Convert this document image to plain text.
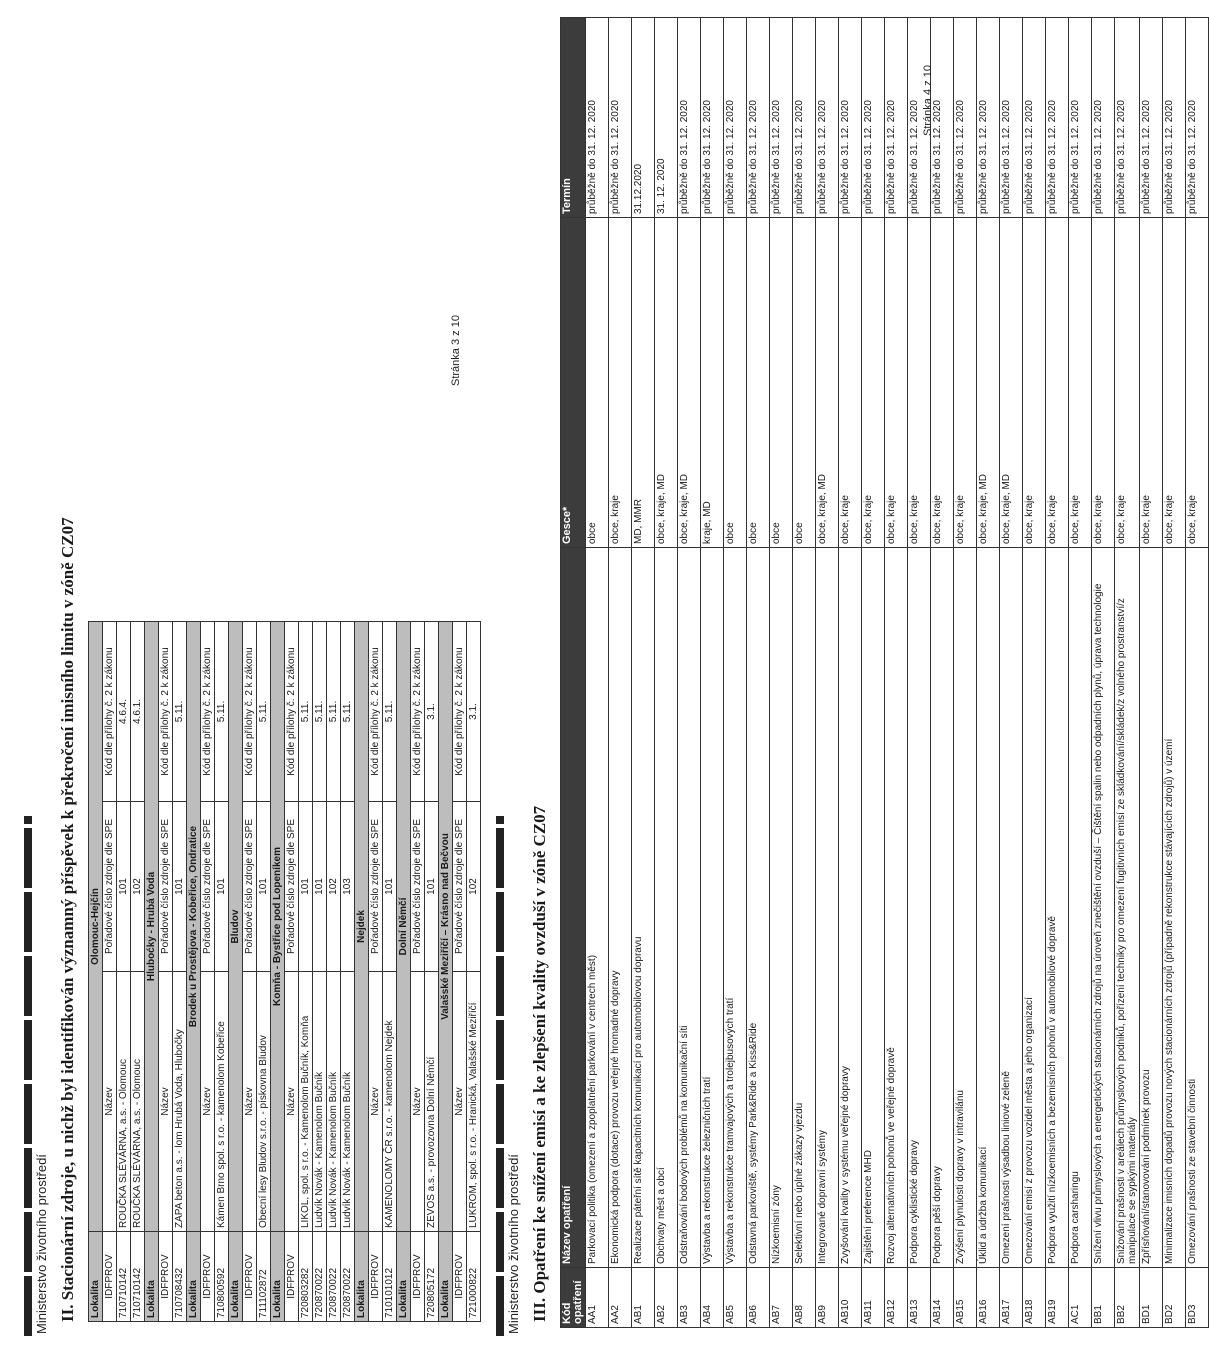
Ministerstvo životního prostředí II. Stacionární zdroje, u nichž byl identifikován významný příspěvek k překročení imisního limitu v zóně CZ07 Lokalita	Olomouc-Hejčín		
IDFPROV	Název	Pořadové číslo zdroje dle SPE	Kód dle přílohy č. 2 k zákonu
710710142	ROUČKA SLÉVÁRNA, a.s. - Olomouc	101	4.6.4.
710710142	ROUČKA SLÉVÁRNA, a.s. - Olomouc	102	4.6.1.
Lokalita	Hluboćky - Hrubá Voda		
IDFPROV	Název	Pořadové číslo zdroje dle SPE	Kód dle přílohy č. 2 k zákonu
710708432	ZAPA beton a.s. - lom Hrubá Voda, Hlubočky	101	5.11.
Lokalita	Brodek u Prostějova - Kobeřice, Ondratice		
IDFPROV	Název	Pořadové číslo zdroje dle SPE	Kód dle přílohy č. 2 k zákonu
710800592	Kámen Brno spol. s r.o. - kamenolom Kobeřice	101	5.11.
Lokalita	Bludov		
IDFPROV	Název	Pořadové číslo zdroje dle SPE	Kód dle přílohy č. 2 k zákonu
711102872	Obecní lesy Bludov s.r.o. - pískovna Bludov	101	5.11.
Lokalita	Komňa - Bystřice pod Lopeníkem		
IDFPROV	Název	Pořadové číslo zdroje dle SPE	Kód dle přílohy č. 2 k zákonu
720803282	LIKOL, spol. s r.o. - Kamenolom Bučník, Komňa	101	5.11.
720870022	Ludvík Novák - Kamenolom Bučník	101	5.11.
720870022	Ludvík Novák - Kamenolom Bučník	102	5.11.
720870022	Ludvík Novák - Kamenolom Bučník	103	5.11.
Lokalita	Nejdek		
IDFPROV	Název	Pořadové číslo zdroje dle SPE	Kód dle přílohy č. 2 k zákonu
710101012	KAMENOLOMY ČR s.r.o. - kamenolom Nejdek	101	5.11.
Lokalita	Dolní Němčí		
IDFPROV	Název	Pořadové číslo zdroje dle SPE	Kód dle přílohy č. 2 k zákonu
720805172	ZEVOS a.s. - provozovna Dolní Němčí	101	3.1.
Lokalita	Valašské Meziříčí – Krásno nad Bečvou		
IDFPROV	Název	Pořadové číslo zdroje dle SPE	Kód dle přílohy č. 2 k zákonu
721000822	LUKROM, spol. s r.o. - Hranická, Valašské Meziříčí	102	3.1.
Stránka 3 z 10
Ministerstvo životního prostředí III. Opatření ke snížení emisí a ke zlepšení kvality ovzduší v zóně CZ07 Kód opatření	Název opatření	Gesce*	Termín
AA1	Parkovací politika (omezení a zpoplatnění parkování v centrech měst)	obce	průběžně do 31. 12. 2020
AA2	Ekonomická podpora (dotace) provozu veřejné hromadné dopravy	obce, kraje	průběžně do 31. 12. 2020
AB1	Realizace páteřní sítě kapacitních komunikací pro automobilovou dopravu	MD, MMR	31.12.2020
AB2	Obchvaty měst a obcí	obce, kraje, MD	31. 12. 2020
AB3	Odstraňování bodových problémů na komunikační síti	obce, kraje, MD	průběžně do 31. 12. 2020
AB4	Výstavba a rekonstrukce železničních tratí	kraje, MD	průběžně do 31. 12. 2020
AB5	Výstavba a rekonstrukce tramvajových a trolejbusových tratí	obce	průběžně do 31. 12. 2020
AB6	Odstavná parkoviště, systémy Park&Ride a Kiss&Ride	obce	průběžně do 31. 12. 2020
AB7	Nízkoemisní zóny	obce	průběžně do 31. 12. 2020
AB8	Selektivní nebo úplné zákazy vjezdu	obce	průběžně do 31. 12. 2020
AB9	Integrované dopravní systémy	obce, kraje, MD	průběžně do 31. 12. 2020
AB10	Zvyšování kvality v systému veřejné dopravy	obce, kraje	průběžně do 31. 12. 2020
AB11	Zajištění preference MHD	obce, kraje	průběžně do 31. 12. 2020
AB12	Rozvoj alternativních pohonů ve veřejné dopravě	obce, kraje	průběžně do 31. 12. 2020
AB13	Podpora cyklistické dopravy	obce, kraje	průběžně do 31. 12. 2020
AB14	Podpora pěší dopravy	obce, kraje	průběžně do 31. 12. 2020
AB15	Zvýšení plynulosti dopravy v intravilánu	obce, kraje	průběžně do 31. 12. 2020
AB16	Úklid a údržba komunikací	obce, kraje, MD	průběžně do 31. 12. 2020
AB17	Omezení prašnosti výsadbou liniové zeleně	obce, kraje, MD	průběžně do 31. 12. 2020
AB18	Omezování emisí z provozu vozidel města a jeho organizací	obce, kraje	průběžně do 31. 12. 2020
AB19	Podpora využití nízkoemisních a bezemisních pohonů v automobilové dopravě	obce, kraje	průběžně do 31. 12. 2020
AC1	Podpora carsharingu	obce, kraje	průběžně do 31. 12. 2020
BB1	Snížení vlivu průmyslových a energetických stacionárních zdrojů na úroveň znečištění ovzduší – Čištění spalin nebo odpadních plynů, úprava technologie	obce, kraje	průběžně do 31. 12. 2020
BB2	Snižování prašnosti v areálech průmyslových podniků, pořízení techniky pro omezení fugitivních emisí ze skládkování/skládek/z volného prostranství/z manipulace se sypkými materiály	obce, kraje	průběžně do 31. 12. 2020
BD1	Zpřísňování/stanovování podmínek provozu	obce, kraje	průběžně do 31. 12. 2020
BD2	Minimalizace imisních dopadů provozu nových stacionárních zdrojů (případně rekonstrukce stávajících zdrojů) v území	obce, kraje	průběžně do 31. 12. 2020
BD3	Omezování prašnosti ze stavební činnosti	obce, kraje	průběžně do 31. 12. 2020
Stránka 4 z 10
